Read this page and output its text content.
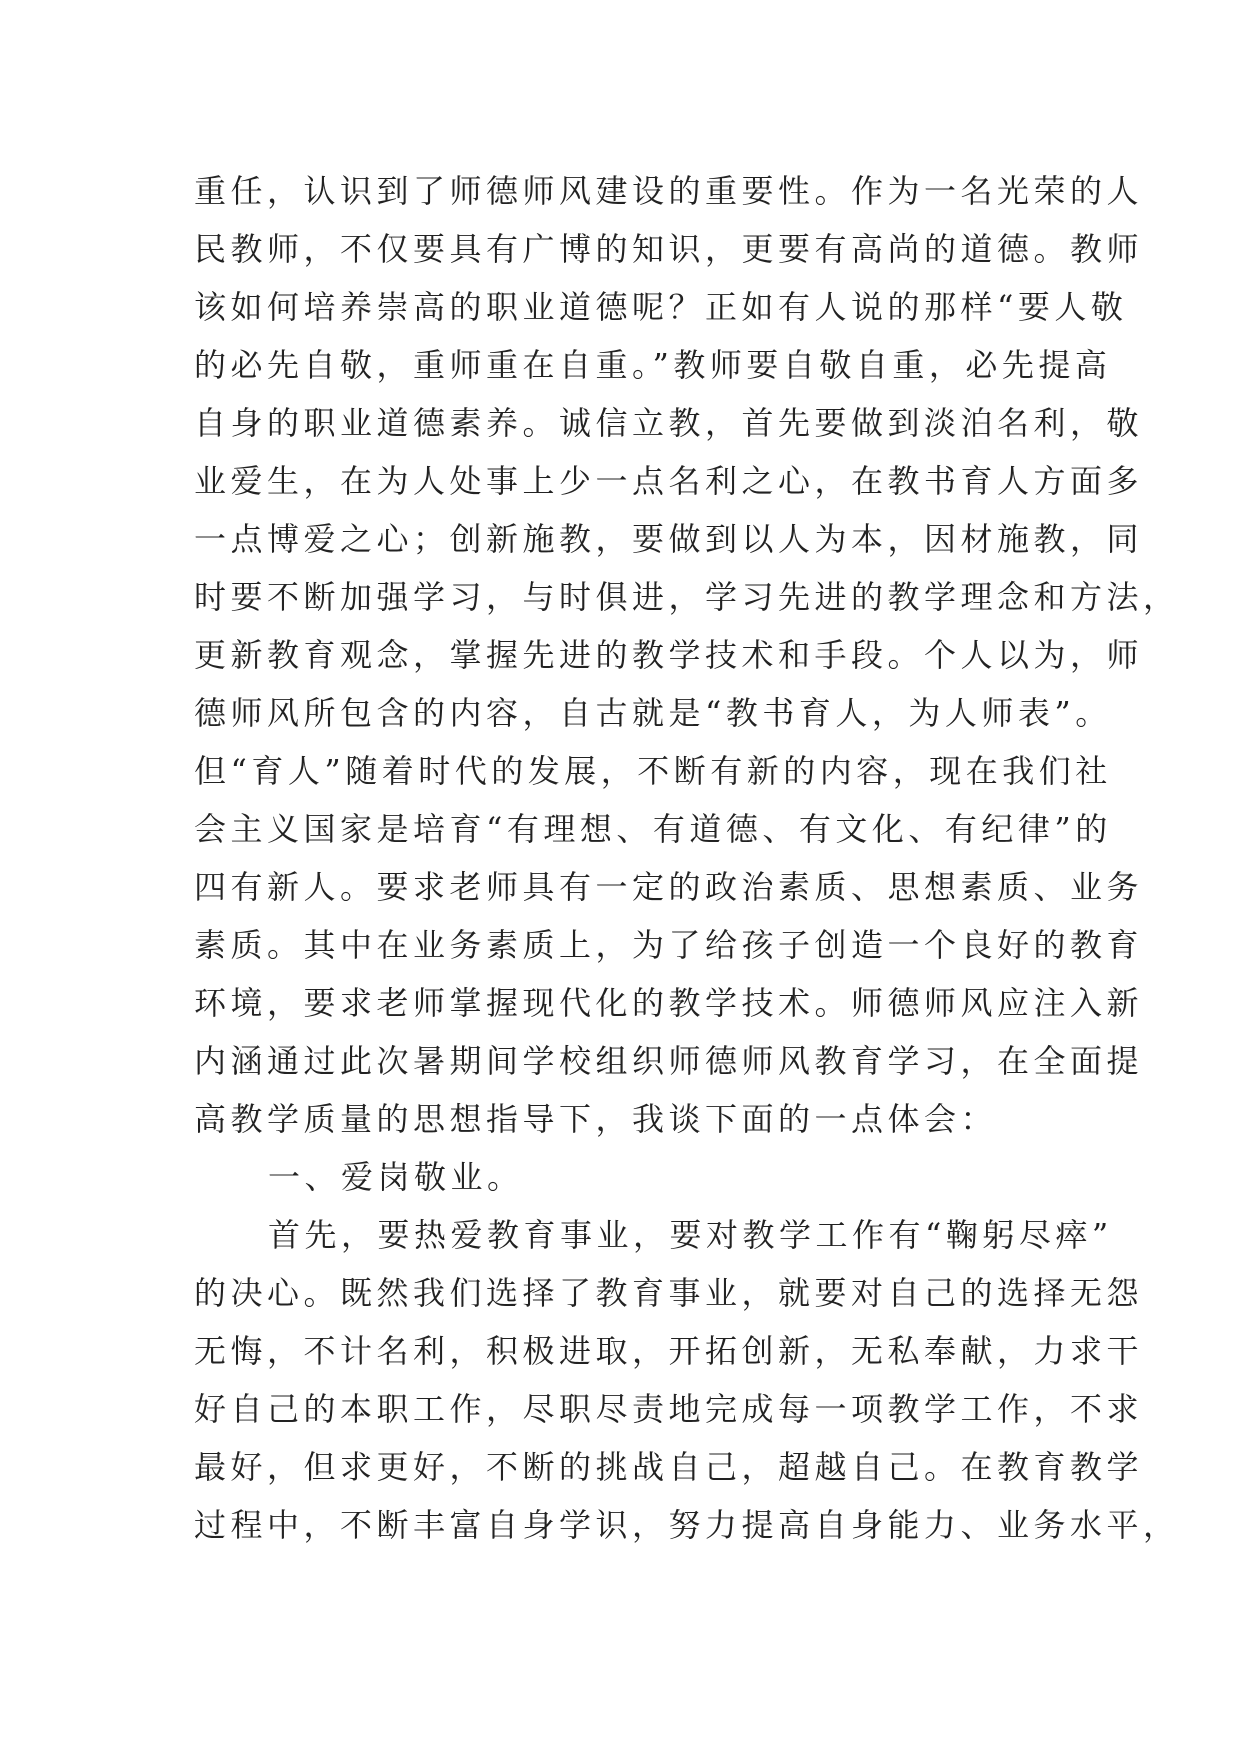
重任，认识到了师德师风建设的重要性。作为一名光荣的人
民教师，不仅要具有广博的知识，更要有高尚的道德。教师
该如何培养崇高的职业道德呢？正如有人说的那样“要人敬
的必先自敬，重师重在自重。”教师要自敬自重，必先提高
自身的职业道德素养。诚信立教，首先要做到淡泊名利，敬
业爱生，在为人处事上少一点名利之心，在教书育人方面多
一点博爱之心；创新施教，要做到以人为本，因材施教，同
时要不断加强学习，与时俱进，学习先进的教学理念和方法，
更新教育观念，掌握先进的教学技术和手段。个人以为，师
德师风所包含的内容，自古就是“教书育人，为人师表”。
但“育人”随着时代的发展，不断有新的内容，现在我们社
会主义国家是培育“有理想、有道德、有文化、有纪律”的
四有新人。要求老师具有一定的政治素质、思想素质、业务
素质。其中在业务素质上，为了给孩子创造一个良好的教育
环境，要求老师掌握现代化的教学技术。师德师风应注入新
内涵通过此次暑期间学校组织师德师风教育学习，在全面提
高教学质量的思想指导下，我谈下面的一点体会：
一、爱岗敬业。
首先，要热爱教育事业，要对教学工作有“鞠躬尽瘁”
的决心。既然我们选择了教育事业，就要对自己的选择无怨
无悔，不计名利，积极进取，开拓创新，无私奉献，力求干
好自己的本职工作，尽职尽责地完成每一项教学工作，不求
最好，但求更好，不断的挑战自己，超越自己。在教育教学
过程中，不断丰富自身学识，努力提高自身能力、业务水平，
